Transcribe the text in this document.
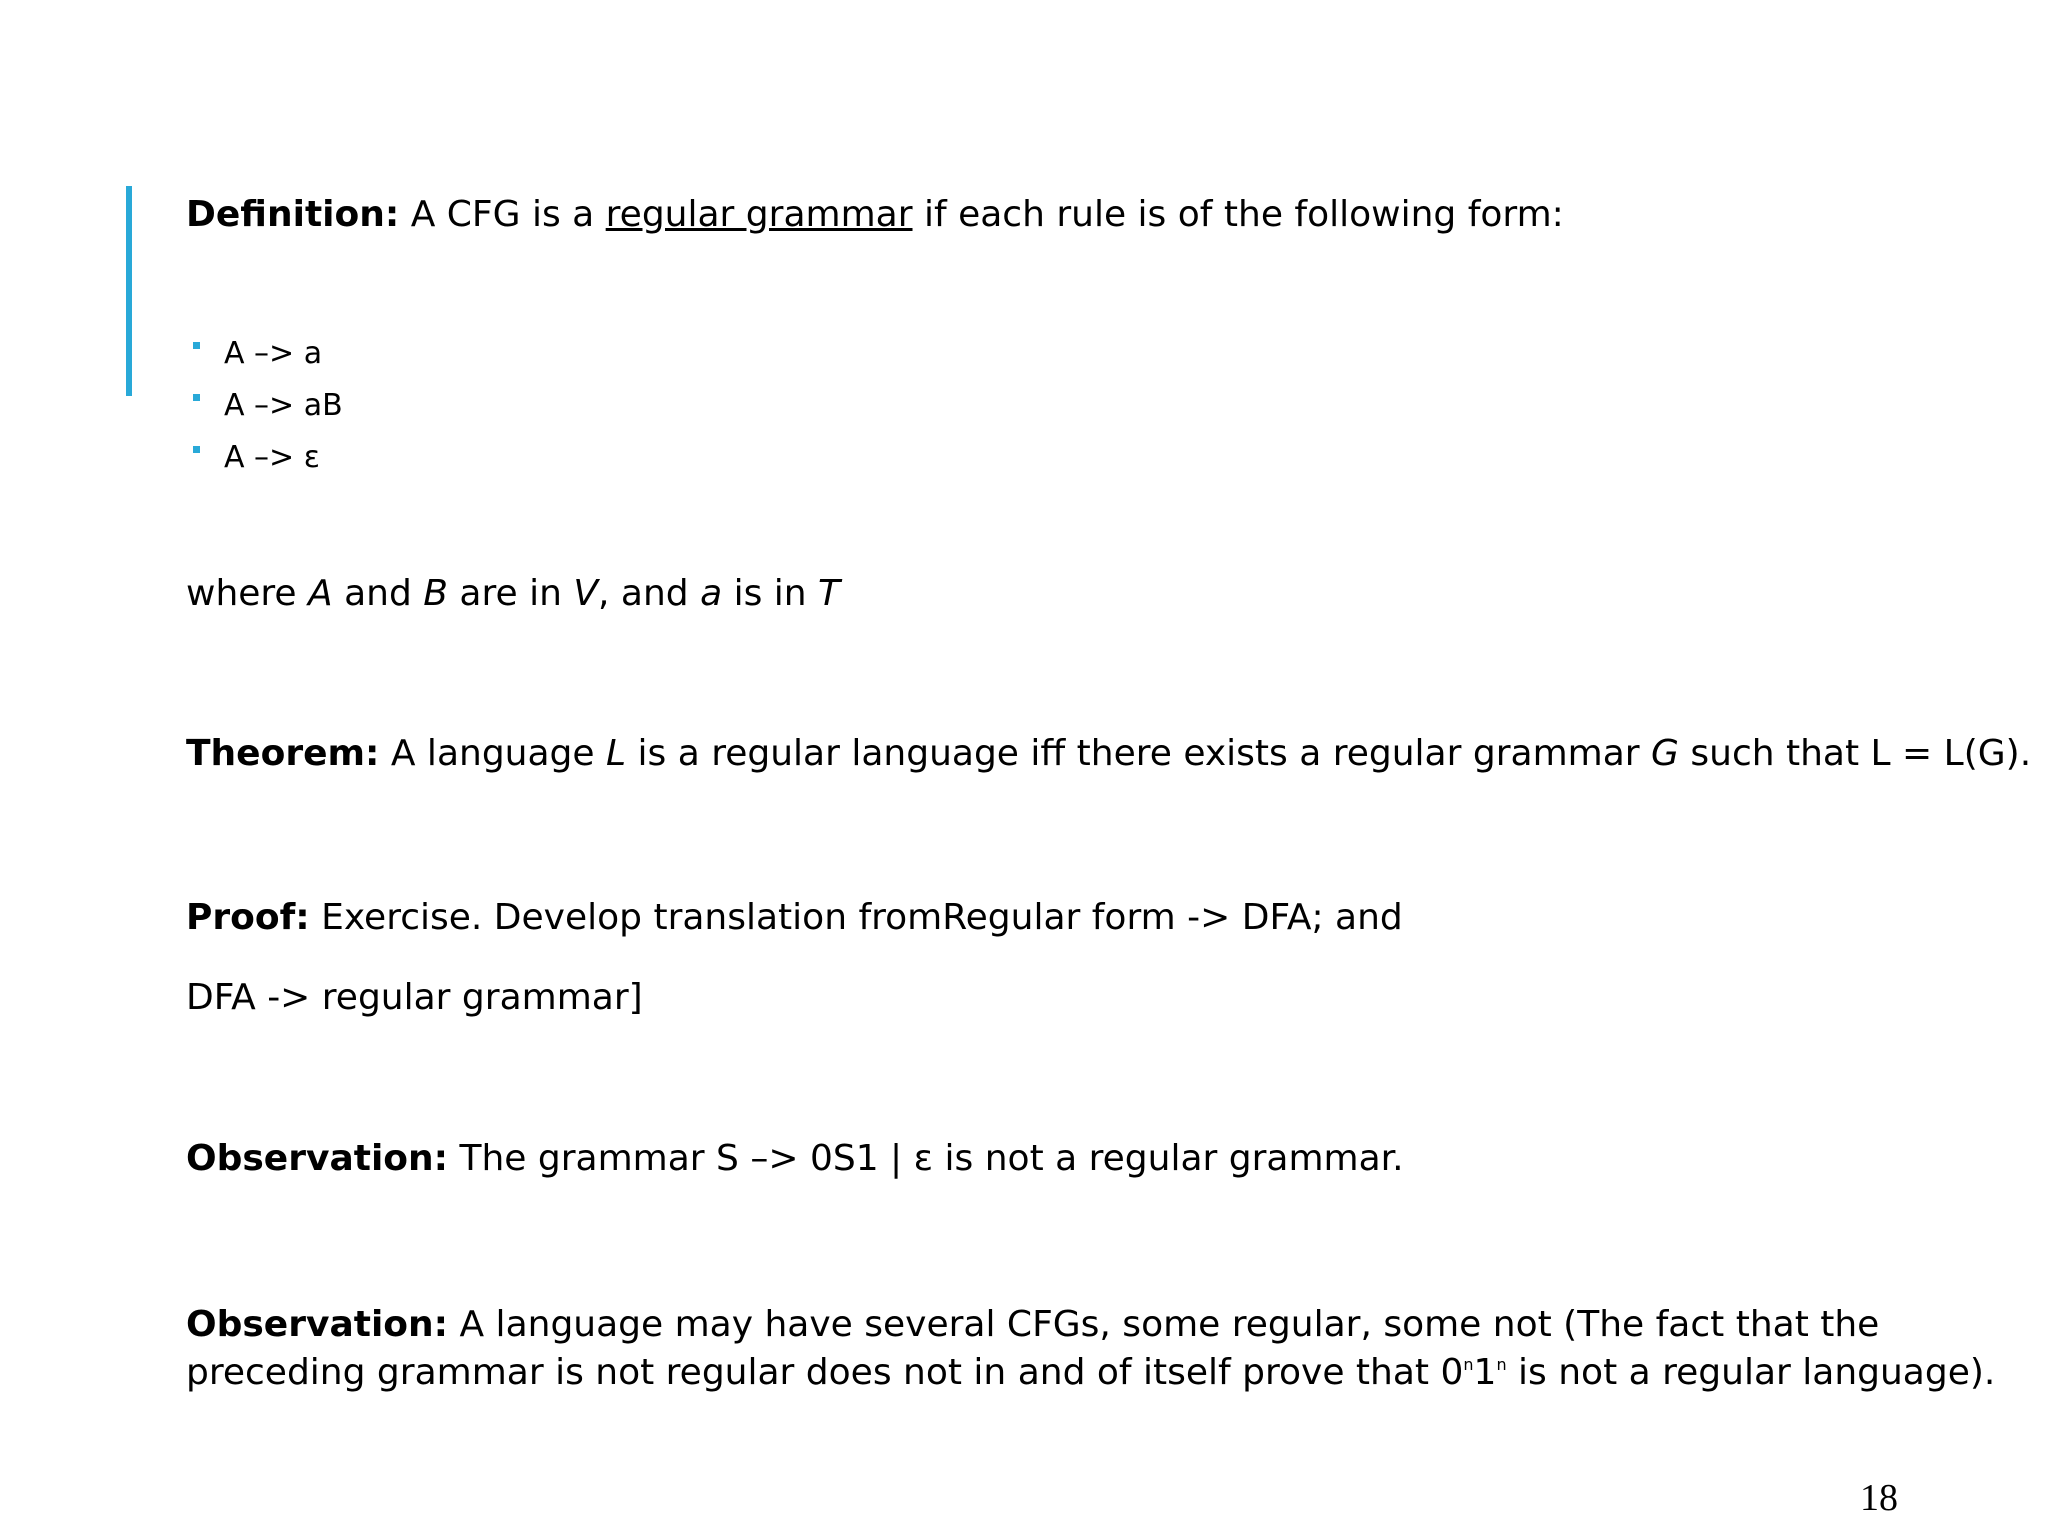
Definition: A CFG is a regular grammar if each rule is of the following form:
A –> a
A –> aB
A –> ε
where A and B are in V, and a is in T
Theorem: A language L is a regular language iff there exists a regular grammar G such that L = L(G).
Proof: Exercise. Develop translation fromRegular form -> DFA; and
DFA -> regular grammar]
Observation: The grammar S –> 0S1 | ε is not a regular grammar.
Observation: A language may have several CFGs, some regular, some not (The fact that the
preceding grammar is not regular does not in and of itself prove that 0$^n$1$^n$ is not a regular language).
18
